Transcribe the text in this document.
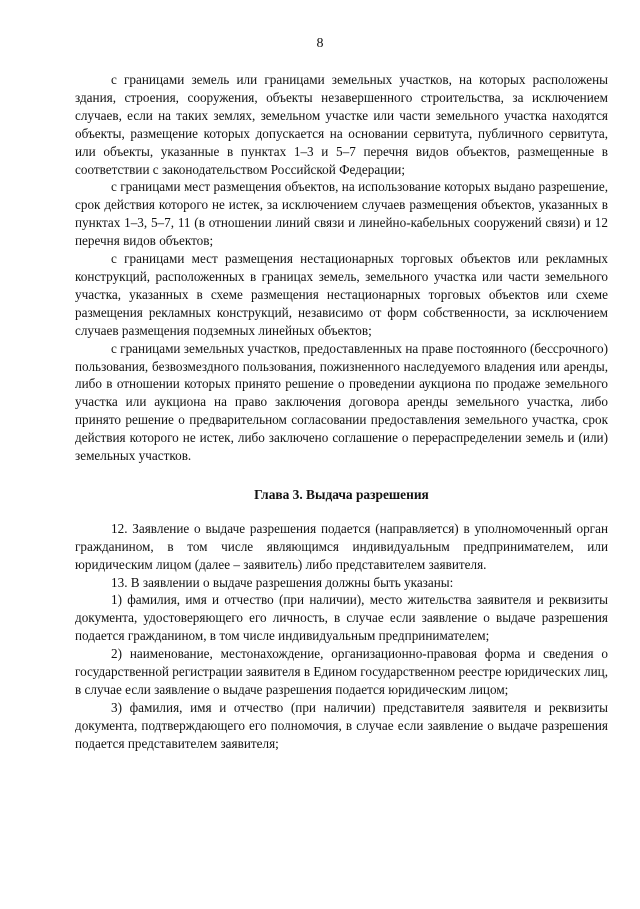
8

с границами земель или границами земельных участков, на которых расположены здания, строения, сооружения, объекты незавершенного строительства, за исключением случаев, если на таких землях, земельном участке или части земельного участка находятся объекты, размещение которых допускается на основании сервитута, публичного сервитута, или объекты, указанные в пунктах 1–3 и 5–7 перечня видов объектов, размещенные в соответствии с законодательством Российской Федерации;

с границами мест размещения объектов, на использование которых выдано разрешение, срок действия которого не истек, за исключением случаев размещения объектов, указанных в пунктах 1–3, 5–7, 11 (в отношении линий связи и линейно-кабельных сооружений связи) и 12 перечня видов объектов;

с границами мест размещения нестационарных торговых объектов или рекламных конструкций, расположенных в границах земель, земельного участка или части земельного участка, указанных в схеме размещения нестационарных торговых объектов или схеме размещения рекламных конструкций, независимо от форм собственности, за исключением случаев размещения подземных линейных объектов;

с границами земельных участков, предоставленных на праве постоянного (бессрочного) пользования, безвозмездного пользования, пожизненного наследуемого владения или аренды, либо в отношении которых принято решение о проведении аукциона по продаже земельного участка или аукциона на право заключения договора аренды земельного участка, либо принято решение о предварительном согласовании предоставления земельного участка, срок действия которого не истек, либо заключено соглашение о перераспределении земель и (или) земельных участков.

Глава 3. Выдача разрешения

12. Заявление о выдаче разрешения подается (направляется) в уполномоченный орган гражданином, в том числе являющимся индивидуальным предпринимателем, или юридическим лицом (далее – заявитель) либо представителем заявителя.

13. В заявлении о выдаче разрешения должны быть указаны:

1) фамилия, имя и отчество (при наличии), место жительства заявителя и реквизиты документа, удостоверяющего его личность, в случае если заявление о выдаче разрешения подается гражданином, в том числе индивидуальным предпринимателем;

2) наименование, местонахождение, организационно-правовая форма и сведения о государственной регистрации заявителя в Едином государственном реестре юридических лиц, в случае если заявление о выдаче разрешения подается юридическим лицом;

3) фамилия, имя и отчество (при наличии) представителя заявителя и реквизиты документа, подтверждающего его полномочия, в случае если заявление о выдаче разрешения подается представителем заявителя;
